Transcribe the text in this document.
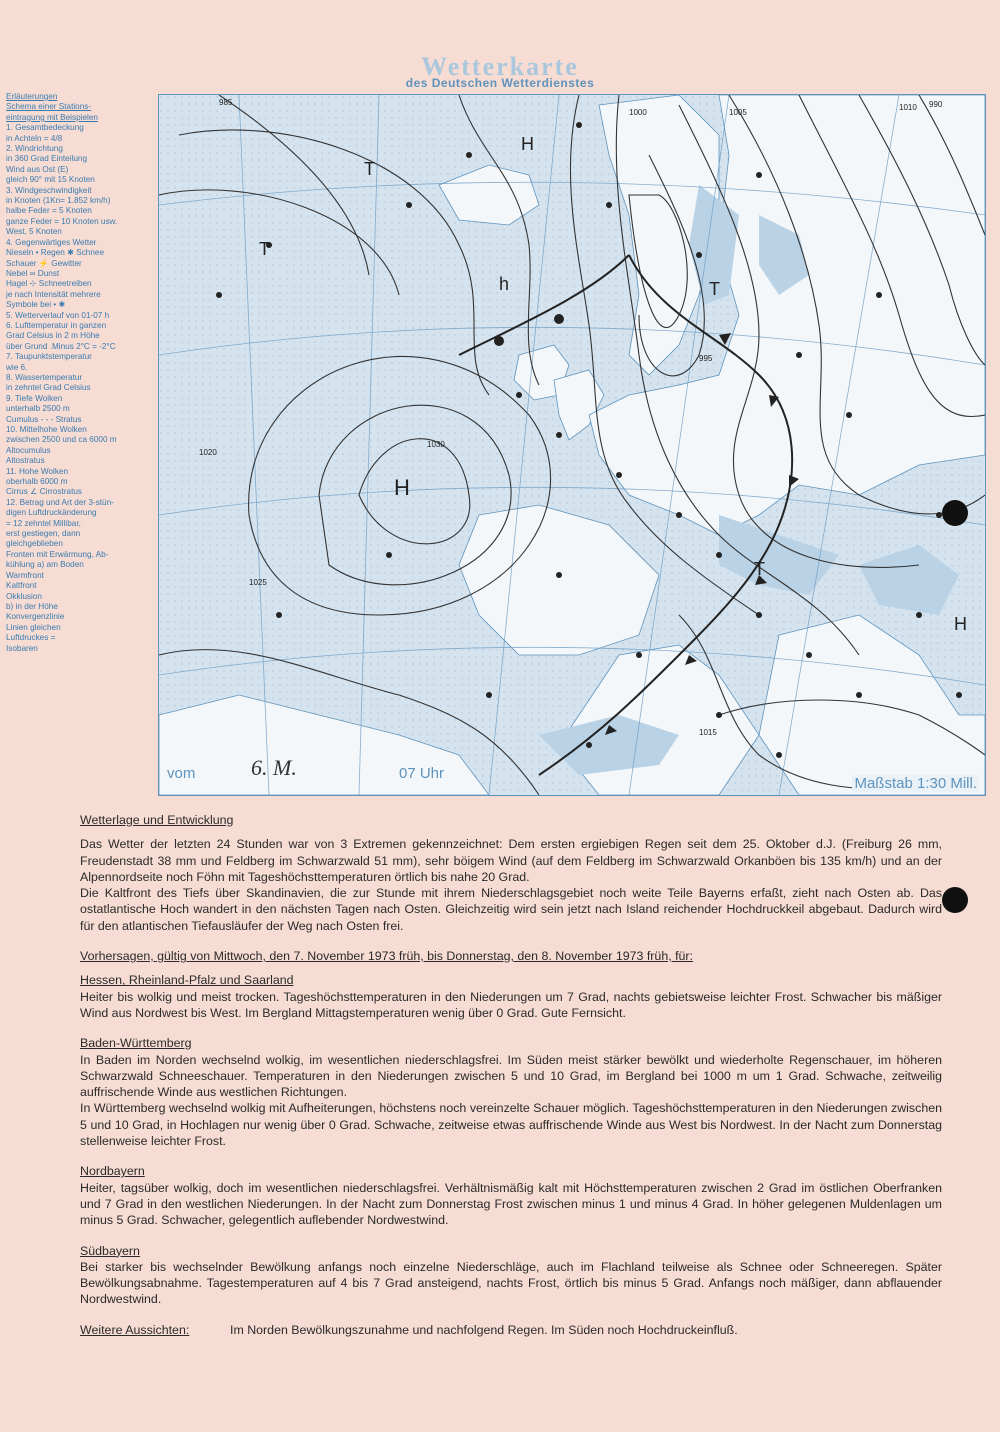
Wetterkarte
des Deutschen Wetterdienstes
Erläuterungen
Schema einer Stations-
eintragung mit Beispielen
1. Gesamtbedeckung
in Achteln = 4/8
2. Windrichtung
in 360 Grad Einteilung
Wind aus Ost (E)
gleich 90° mit 15 Knoten
3. Windgeschwindigkeit
in Knoten (1Kn= 1.852 km/h)
halbe Feder = 5 Knoten
ganze Feder = 10 Knoten usw.
West, 5 Knoten
4. Gegenwärtiges Wetter
Nieseln • Regen ✱ Schnee
Schauer ⚡ Gewitter
Nebel ∞ Dunst
Hagel ⊹ Schneetreiben
je nach Intensität mehrere
Symbole bei • ✱
5. Wetterverlauf von 01-07 h
6. Lufttemperatur in ganzen
Grad Celsius in 2 m Höhe
über Grund .Minus 2°C = -2°C
7. Taupunktstemperatur
wie 6.
8. Wassertemperatur
in zehntel Grad Celsius
9. Tiefe Wolken
unterhalb 2500 m
Cumulus - - - Stratus
10. Mittelhohe Wolken
zwischen 2500 und ca 6000 m
Altocumulus
Altostratus
11. Hohe Wolken
oberhalb 6000 m
Cirrus ∠ Cirrostratus
12. Betrag und Art der 3-stün-
digen Luftdruckänderung
= 12 zehntel Millibar,
erst gestiegen, dann
gleichgeblieben
Fronten mit Erwärmung, Ab-
kühlung a) am Boden
Warmfront
Kaltfront
Okklusion
b) in der Höhe
Konvergenzlinie
Linien gleichen
Luftdruckes =
Isobaren
H
H
h
T
T
T
T
H
1030
1025
1020
1015
1010
1005
1000
995
990
985
vom	6. M.	07 Uhr
Maßstab 1:30 Mill.

Wetterlage und Entwicklung

Das Wetter der letzten 24 Stunden war von 3 Extremen gekennzeichnet: Dem ersten ergiebigen Regen seit dem 25. Oktober d.J. (Freiburg 26 mm, Freudenstadt 38 mm und Feldberg im Schwarzwald 51 mm), sehr böigem Wind (auf dem Feldberg im Schwarzwald Orkanböen bis 135 km/h) und an der Alpennordseite noch Föhn mit Tageshöchsttemperaturen örtlich bis nahe 20 Grad.

Die Kaltfront des Tiefs über Skandinavien, die zur Stunde mit ihrem Niederschlagsgebiet noch weite Teile Bayerns erfaßt, zieht nach Osten ab. Das ostatlantische Hoch wandert in den nächsten Tagen nach Osten. Gleichzeitig wird sein jetzt nach Island reichender Hochdruckkeil abgebaut. Dadurch wird für den atlantischen Tiefausläufer der Weg nach Osten frei.

Vorhersagen, gültig von Mittwoch, den 7. November 1973 früh, bis Donnerstag, den 8. November 1973 früh, für:

Hessen, Rheinland-Pfalz und Saarland

Heiter bis wolkig und meist trocken. Tageshöchsttemperaturen in den Niederungen um 7 Grad, nachts gebietsweise leichter Frost. Schwacher bis mäßiger Wind aus Nordwest bis West. Im Bergland Mittagstemperaturen wenig über 0 Grad. Gute Fernsicht.

Baden-Württemberg

In Baden im Norden wechselnd wolkig, im wesentlichen niederschlagsfrei. Im Süden meist stärker bewölkt und wiederholte Regenschauer, im höheren Schwarzwald Schneeschauer. Temperaturen in den Niederungen zwischen 5 und 10 Grad, im Bergland bei 1000 m um 1 Grad. Schwache, zeitweilig auffrischende Winde aus westlichen Richtungen.

In Württemberg wechselnd wolkig mit Aufheiterungen, höchstens noch vereinzelte Schauer möglich. Tageshöchsttemperaturen in den Niederungen zwischen 5 und 10 Grad, in Hochlagen nur wenig über 0 Grad. Schwache, zeitweise etwas auffrischende Winde aus West bis Nordwest. In der Nacht zum Donnerstag stellenweise leichter Frost.

Nordbayern

Heiter, tagsüber wolkig, doch im wesentlichen niederschlagsfrei. Verhältnismäßig kalt mit Höchsttemperaturen zwischen 2 Grad im östlichen Oberfranken und 7 Grad in den westlichen Niederungen. In der Nacht zum Donnerstag Frost zwischen minus 1 und minus 4 Grad. In höher gelegenen Muldenlagen um minus 5 Grad. Schwacher, gelegentlich auflebender Nordwestwind.

Südbayern

Bei starker bis wechselnder Bewölkung anfangs noch einzelne Niederschläge, auch im Flachland teilweise als Schnee oder Schneeregen. Später Bewölkungsabnahme. Tagestemperaturen auf 4 bis 7 Grad ansteigend, nachts Frost, örtlich bis minus 5 Grad. Anfangs noch mäßiger, dann abflauender Nordwestwind.

Weitere Aussichten:	Im Norden Bewölkungszunahme und nachfolgend Regen. Im Süden noch Hochdruckeinfluß.
